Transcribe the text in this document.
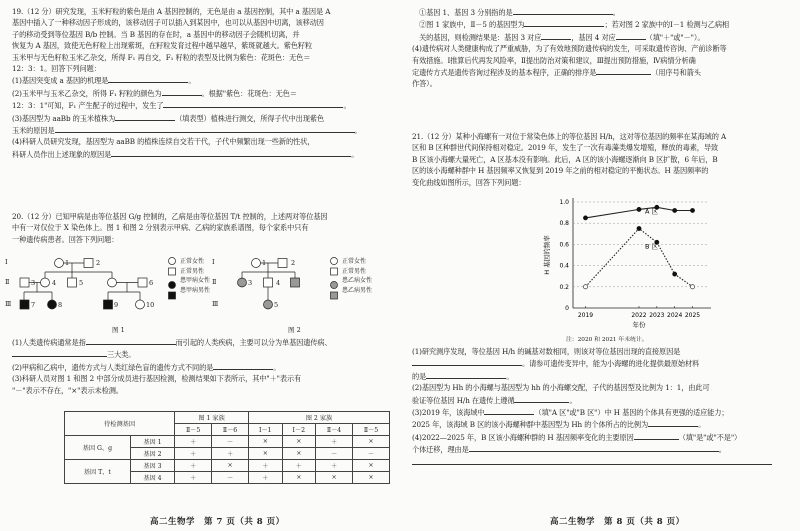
19.（12 分）研究发现，玉米籽粒的紫色是由 A 基因控制的，无色是由 a 基因控制，其中 a 基因是 A
基因中插入了一种移动因子形成的，该移动因子可以插入到某因中，也可以从基因中切离，该移动因
子的移动受到等位基因 B/b 控制。当 B 基因的存在时，a 基因中的移动因子会随机切离，并
恢复为 A 基因，致使无色籽粒上出现紫斑，在籽粒发育过程中越早越早，紫斑就越大。紫色籽粒
玉米甲与无色籽粒玉米乙杂交，所得 F₁ 再自交，F₁ 籽粒的表型及比例为紫色：花斑色：无色＝
12：3：1。回答下列问题：
(1)基因突变成 a 基因的机理是	。
(2)玉米甲与玉米乙杂交，所得 F₁ 籽粒的颜色为	。根据"紫色：花斑色：无色＝
12：3：1"可知，F₁ 产生配子的过程中，发生了	。
(3)基因型为 aaBb 的玉米植株为	（填表型）植株进行测交，所得子代中出现紫色
玉米的原因是	。
(4)科研人员研究发现，基因型为 aaBB 的植株连续自交若干代，子代中频繁出现一些新的性状，
科研人员作出上述现象的原因是	。
20.（12 分）已知甲病是由等位基因 G/g 控制的，乙病是由等位基因 T/t 控制的，上述两对等位基因
中有一对仅位于 X 染色体上。图 1 和图 2 分别表示甲病、乙病的家族系谱图，每个家系中只有
一种遗传病患者。回答下列问题：
Ⅰ
Ⅱ
Ⅲ
Ⅰ
Ⅱ
Ⅲ
1	2
3	4	5	6
7	8	9	10
1	2
3	4
5
正常女性
正常男性
患甲病女性
患甲病男性
正常女性
正常男性
患乙病女性
患乙病男性
图 1	图 2
(1)人类遗传病通常是指	而引起的人类疾病，主要可以分为单基因遗传病、
三大类。
(2)甲病和乙病中，遗传方式与人类红绿色盲的遗传方式不同的是	。
(3)科研人员对图 1 和图 2 中部分成员进行基因检测，检测结果如下表所示，其中"＋"表示有
"－"表示不存在，"×"表示未检测。
待检测基因		图 1 家族		图 2 家族			
		Ⅱ－5	Ⅱ－6	Ⅰ－1	Ⅰ－2	Ⅱ－4	Ⅱ－5
基因 G、g	基因 1	＋	－	×	×	＋	×
	基因 2	＋	＋	×	×	－	－
基因 T、t	基因 3	＋	×	＋	＋	＋	×
	基因 4	＋	－	＋	×	×	×
高二生物学　第 7 页（共 8 页）
　①基因 1、基因 3 分别指的是	。
　②图 1 家族中，Ⅱ－5 的基因型为	；若对图 2 家族中的Ⅰ－1 检测与乙病相
　关的基因，则检测结果是：基因 3 对应	，基因 4 对应	（填"＋"或"－"）。
(4)遗传病对人类健康构成了严重威胁，为了有效地预防遗传病的发生，可采取遗传咨询、产前诊断等
有效措施。Ⅰ推算后代再发风险率，Ⅱ提出防治对策和建议，Ⅲ提出预防措施，Ⅳ病情分析确
定遗传方式是遗传咨询过程涉及的基本程序，正确的排序是	（用序号和箭头
作答）。
21.（12 分）某种小海螺有一对位于常染色体上的等位基因 H/h，这对等位基因的频率在某海域的 A
区和 B 区种群世代间保持相对稳定。2019 年，发生了一次有毒藻类爆发增殖，释放的毒素，导致
B 区该小海螺大量死亡，A 区基本没有影响。此后，A 区的该小海螺逐渐向 B 区扩散，6 年后，B
区的该小海螺种群中 H 基因频率又恢复到 2019 年之前的相对稳定的平衡状态。H 基因频率的
变化曲线如图所示，回答下列问题：
0
0.2
0.4
0.6
0.8
1.0
2019	2022 2023 2024 2025
年份
H 基因的频率
A 区
B 区
注：2020 和 2021 年未统计。
(1)研究测序发现，等位基因 H/h 的碱基对数相同，则该对等位基因出现的直接原因是
。请参可遗传变异中，能为小海螺的进化提供最原始材料
的是	。
(2)基因型为 Hh 的小海螺与基因型为 hh 的小海螺交配，子代的基因型及比例为 1：1，由此可
验证等位基因 H/h 在遗传上遵循	。
(3)2019 年，该海域中	（填"A 区"或"B 区"）中 H 基因的个体具有更强的适应能力；
2025 年，该海域 B 区的该小海螺种群中基因型为 Hh 的个体所占的比例为	。
(4)2022—2025 年，B 区该小海螺种群的 H 基因频率变化的主要原因	（填"是"或"不是"）
个体迁移，理由是	。
高二生物学　第 8 页（共 8 页）
